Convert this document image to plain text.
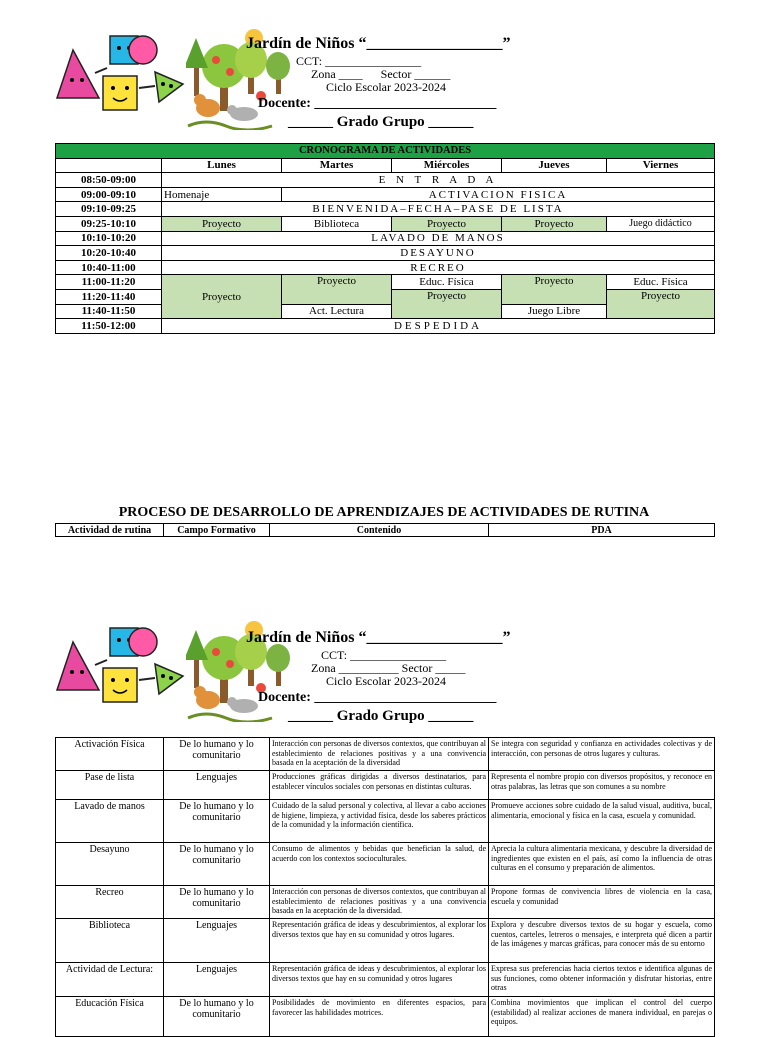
Jardín de Niños “_________________”
CCT: ________________
Zona ____      Sector ______
Ciclo Escolar 2023-2024
Docente: __________________________
______ Grado Grupo ______
CRONOGRAMA DE ACTIVIDADES					
	Lunes	Martes	Miércoles	Jueves	Viernes
08:50-09:00	E N T R A D A				
09:00-09:10	Homenaje	ACTIVACION FISICA			
09:10-09:25	BIENVENIDA–FECHA–PASE DE LISTA				
09:25-10:10	Proyecto	Biblioteca	Proyecto	Proyecto	Juego didáctico
10:10-10:20	LAVADO DE MANOS				
10:20-10:40	DESAYUNO				
10:40-11:00	RECREO				
11:00-11:20	Proyecto	Proyecto	Educ. Física	Proyecto	Educ. Física
11:20-11:40			Proyecto		Proyecto
11:40-11:50		Act. Lectura		Juego Libre	
11:50-12:00	DESPEDIDA				
PROCESO DE DESARROLLO DE APRENDIZAJES DE ACTIVIDADES DE RUTINA
Actividad de rutina	Campo Formativo	Contenido	PDA
Jardín de Niños “_________________”
CCT: ________________
Zona __________ Sector _____
Ciclo Escolar 2023-2024
Docente: __________________________
______ Grado Grupo ______
Activación Física	De lo humano y lo comunitario	Interacción con personas de diversos contextos, que contribuyan al establecimiento de relaciones positivas y a una convivencia basada en la aceptación de la diversidad	Se integra con seguridad y confianza en actividades colectivas y de interacción, con personas de otros lugares y culturas.
Pase de lista	Lenguajes	Producciones gráficas dirigidas a diversos destinatarios, para establecer vínculos sociales con personas en distintas culturas.	Representa el nombre propio con diversos propósitos, y reconoce en otras palabras, las letras que son comunes a su nombre
Lavado de manos	De lo humano y lo comunitario	Cuidado de la salud personal y colectiva, al llevar a cabo acciones de higiene, limpieza, y actividad física, desde los saberes prácticos de la comunidad y la información científica.	Promueve acciones sobre cuidado de la salud visual, auditiva, bucal, alimentaria, emocional y física en la casa, escuela y comunidad.
Desayuno	De lo humano y lo comunitario	Consumo de alimentos y bebidas que benefician la salud, de acuerdo con los contextos socioculturales.	Aprecia la cultura alimentaria mexicana, y descubre la diversidad de ingredientes que existen en el país, así como la influencia de otras culturas en el consumo y preparación de alimentos.
Recreo	De lo humano y lo comunitario	Interacción con personas de diversos contextos, que contribuyan al establecimiento de relaciones positivas y a una convivencia basada en la aceptación de la diversidad.	Propone formas de convivencia libres de violencia en la casa, escuela y comunidad
Biblioteca	Lenguajes	Representación gráfica de ideas y descubrimientos, al explorar los diversos textos que hay en su comunidad y otros lugares.	Explora y descubre diversos textos de su hogar y escuela, como cuentos, carteles, letreros o mensajes, e interpreta qué dicen a partir de las imágenes y marcas gráficas, para conocer más de su entorno
Actividad de Lectura:	Lenguajes	Representación gráfica de ideas y descubrimientos, al explorar los diversos textos que hay en su comunidad y otros lugares	Expresa sus preferencias hacia ciertos textos e identifica algunas de sus funciones, como obtener información y disfrutar historias, entre otras
Educación Física	De lo humano y lo comunitario	Posibilidades de movimiento en diferentes espacios, para favorecer las habilidades motrices.	Combina movimientos que implican el control del cuerpo (estabilidad) al realizar acciones de manera individual, en parejas o equipos.
